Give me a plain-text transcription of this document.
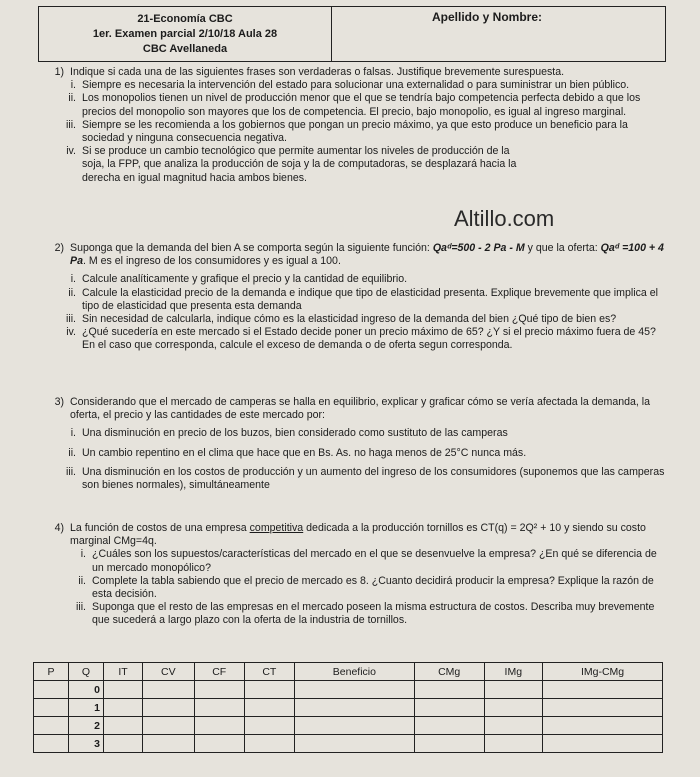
21-Economía CBC
1er. Examen parcial 2/10/18 Aula 28
CBC Avellaneda
Apellido y Nombre:
Altillo.com
1) Indique si cada una de las siguientes frases son verdaderas o falsas. Justifique brevemente surespuesta.
i. Siempre es necesaria la intervención del estado para solucionar una externalidad o para suministrar un bien público.
ii. Los monopolios tienen un nivel de producción menor que el que se tendría bajo competencia perfecta debido a que los precios del monopolio son mayores que los de competencia. El precio, bajo monopolio, es igual al ingreso marginal.
iii. Siempre se les recomienda a los gobiernos que pongan un precio máximo, ya que esto produce un beneficio para la sociedad y ninguna consecuencia negativa.
iv. Si se produce un cambio tecnológico que permite aumentar los niveles de producción de la soja, la FPP, que analiza la producción de soja y la de computadoras, se desplazará hacia la derecha en igual magnitud hacia ambos bienes.
2) Suponga que la demanda del bien A se comporta según la siguiente función: Qaᵈ=500 - 2 Pa - M y que la oferta: Qaᵈ =100 + 4 Pa. M es el ingreso de los consumidores y es igual a 100.
i. Calcule analíticamente y grafique el precio y la cantidad de equilibrio.
ii. Calcule la elasticidad precio de la demanda e indique que tipo de elasticidad presenta. Explique brevemente que implica el tipo de elasticidad que presenta esta demanda
iii. Sin necesidad de calcularla, indique cómo es la elasticidad ingreso de la demanda del bien ¿Qué tipo de bien es?
iv. ¿Qué sucedería en este mercado si el Estado decide poner un precio máximo de 65? ¿Y si el precio máximo fuera de 45? En el caso que corresponda, calcule el exceso de demanda o de oferta segun corresponda.
3) Considerando que el mercado de camperas se halla en equilibrio, explicar y graficar cómo se vería afectada la demanda, la oferta, el precio y las cantidades de este mercado por:
i. Una disminución en precio de los buzos, bien considerado como sustituto de las camperas
ii. Un cambio repentino en el clima que hace que en Bs. As. no haga menos de 25°C nunca más.
iii. Una disminución en los costos de producción y un aumento del ingreso de los consumidores (suponemos que las camperas son bienes normales), simultáneamente
4) La función de costos de una empresa competitiva dedicada a la producción tornillos es CT(q) = 2Q² + 10 y siendo su costo marginal CMg=4q.
i. ¿Cuáles son los supuestos/características del mercado en el que se desenvuelve la empresa? ¿En qué se diferencia de un mercado monopólico?
ii. Complete la tabla sabiendo que el precio de mercado es 8. ¿Cuanto decidirá producir la empresa? Explique la razón de esta decisión.
iii. Suponga que el resto de las empresas en el mercado poseen la misma estructura de costos. Describa muy brevemente que sucederá a largo plazo con la oferta de la industria de tornillos.
P	Q	IT	CV	CF	CT	Beneficio	CMg	IMg	IMg-CMg
	0								
	1								
	2								
	3								
